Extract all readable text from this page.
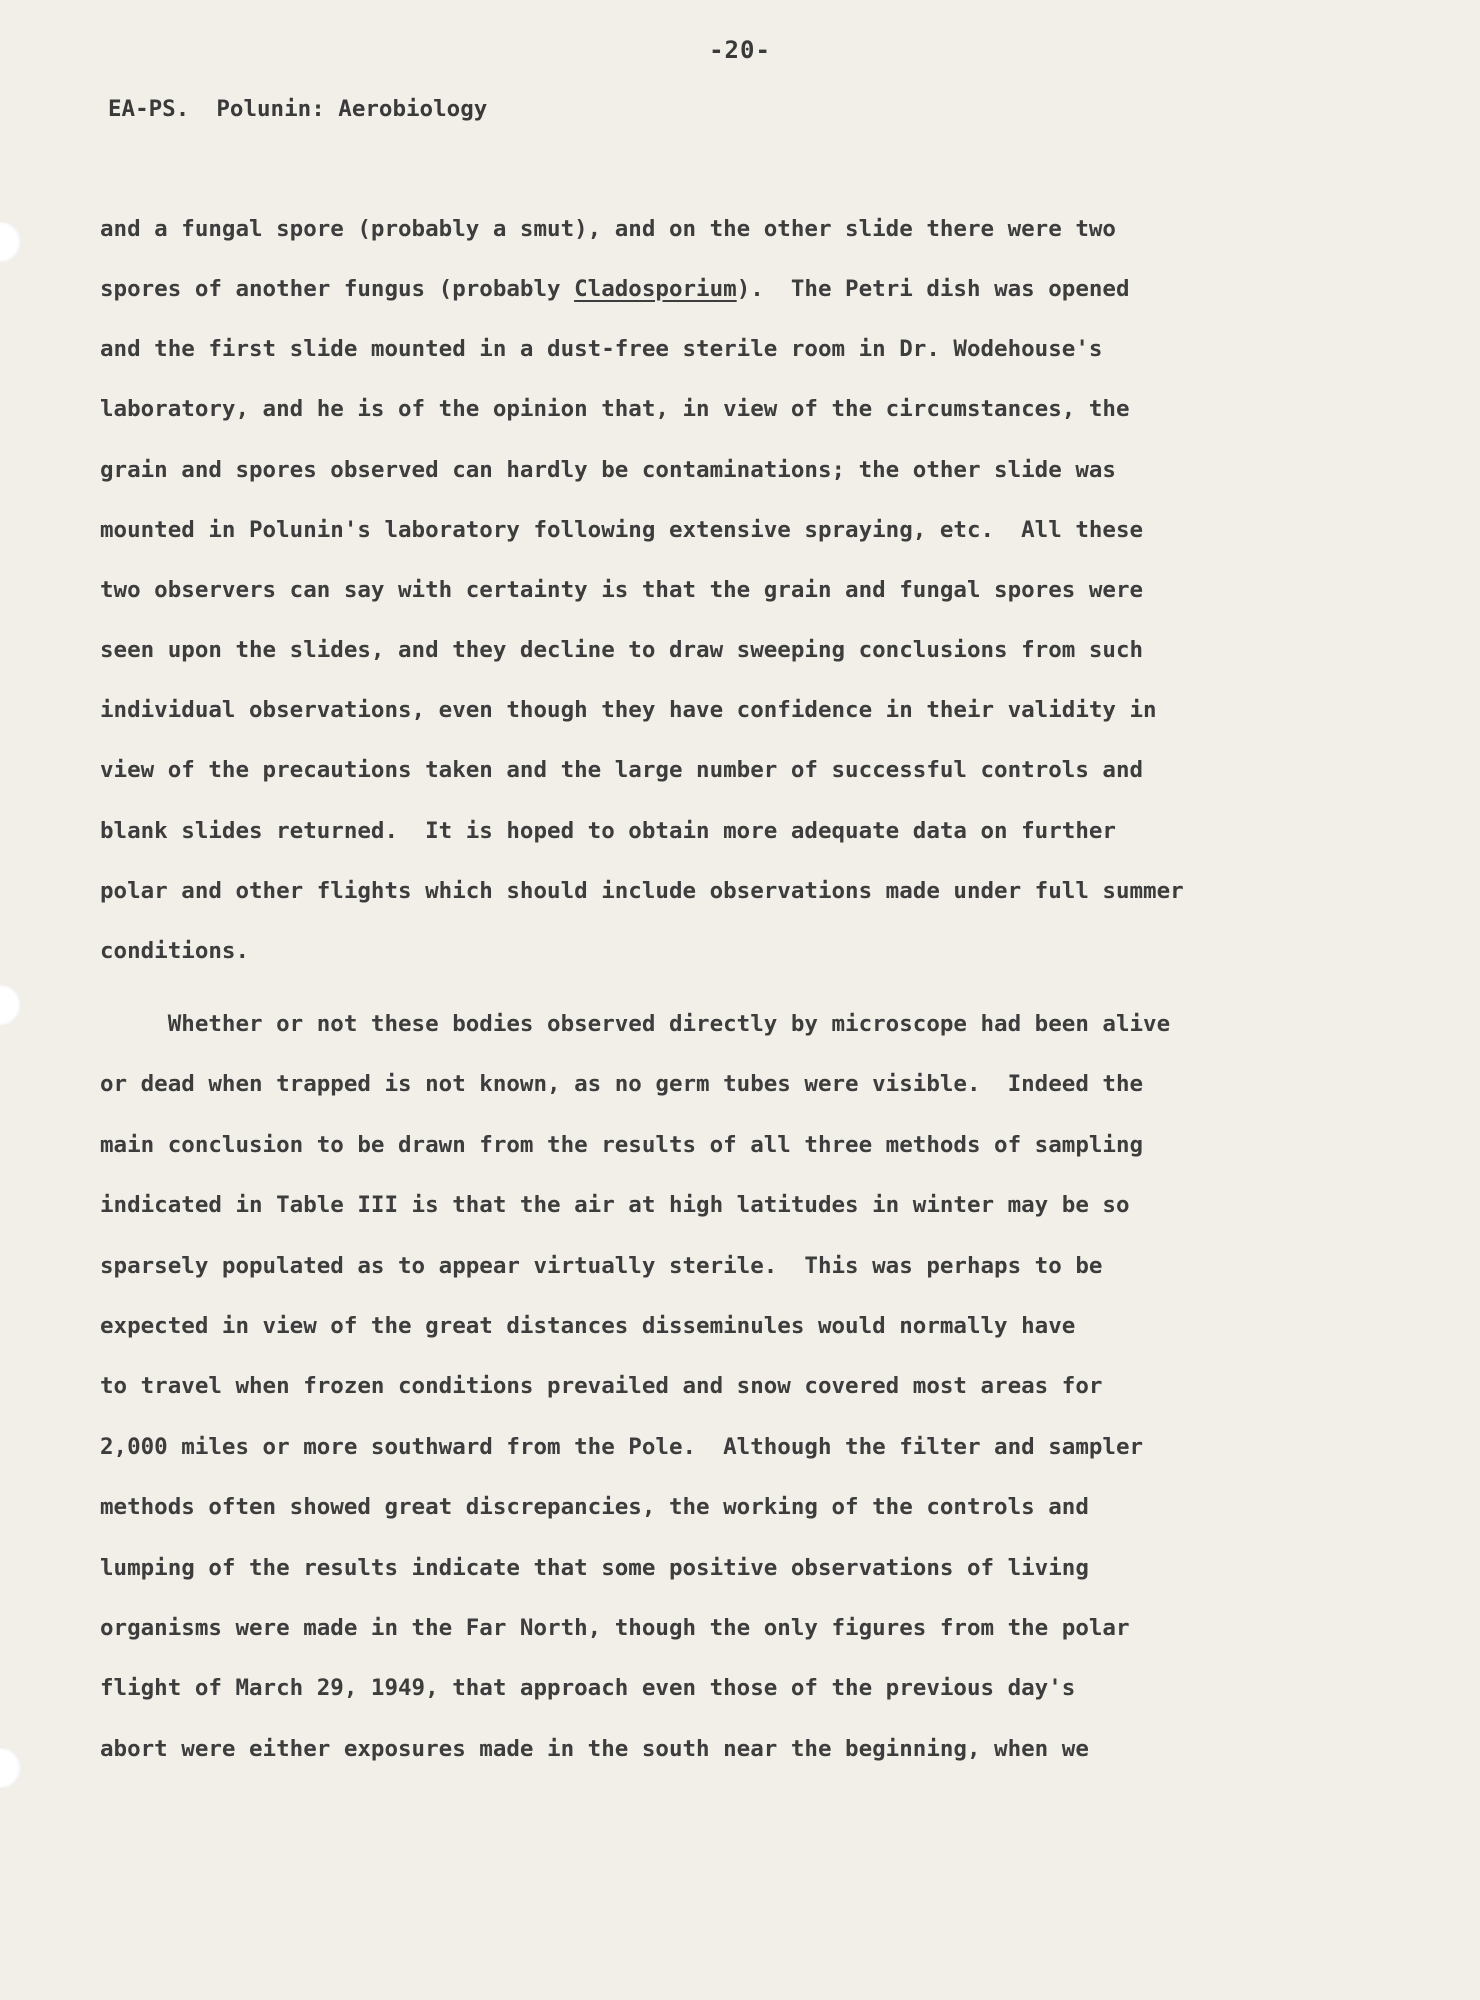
-20-
EA-PS.  Polunin: Aerobiology
and a fungal spore (probably a smut), and on the other slide there were two
spores of another fungus (probably Cladosporium).  The Petri dish was opened
and the first slide mounted in a dust-free sterile room in Dr. Wodehouse's
laboratory, and he is of the opinion that, in view of the circumstances, the
grain and spores observed can hardly be contaminations; the other slide was
mounted in Polunin's laboratory following extensive spraying, etc.  All these
two observers can say with certainty is that the grain and fungal spores were
seen upon the slides, and they decline to draw sweeping conclusions from such
individual observations, even though they have confidence in their validity in
view of the precautions taken and the large number of successful controls and
blank slides returned.  It is hoped to obtain more adequate data on further
polar and other flights which should include observations made under full summer
conditions.
Whether or not these bodies observed directly by microscope had been alive
or dead when trapped is not known, as no germ tubes were visible.  Indeed the
main conclusion to be drawn from the results of all three methods of sampling
indicated in Table III is that the air at high latitudes in winter may be so
sparsely populated as to appear virtually sterile.  This was perhaps to be
expected in view of the great distances disseminules would normally have
to travel when frozen conditions prevailed and snow covered most areas for
2,000 miles or more southward from the Pole.  Although the filter and sampler
methods often showed great discrepancies, the working of the controls and
lumping of the results indicate that some positive observations of living
organisms were made in the Far North, though the only figures from the polar
flight of March 29, 1949, that approach even those of the previous day's
abort were either exposures made in the south near the beginning, when we
